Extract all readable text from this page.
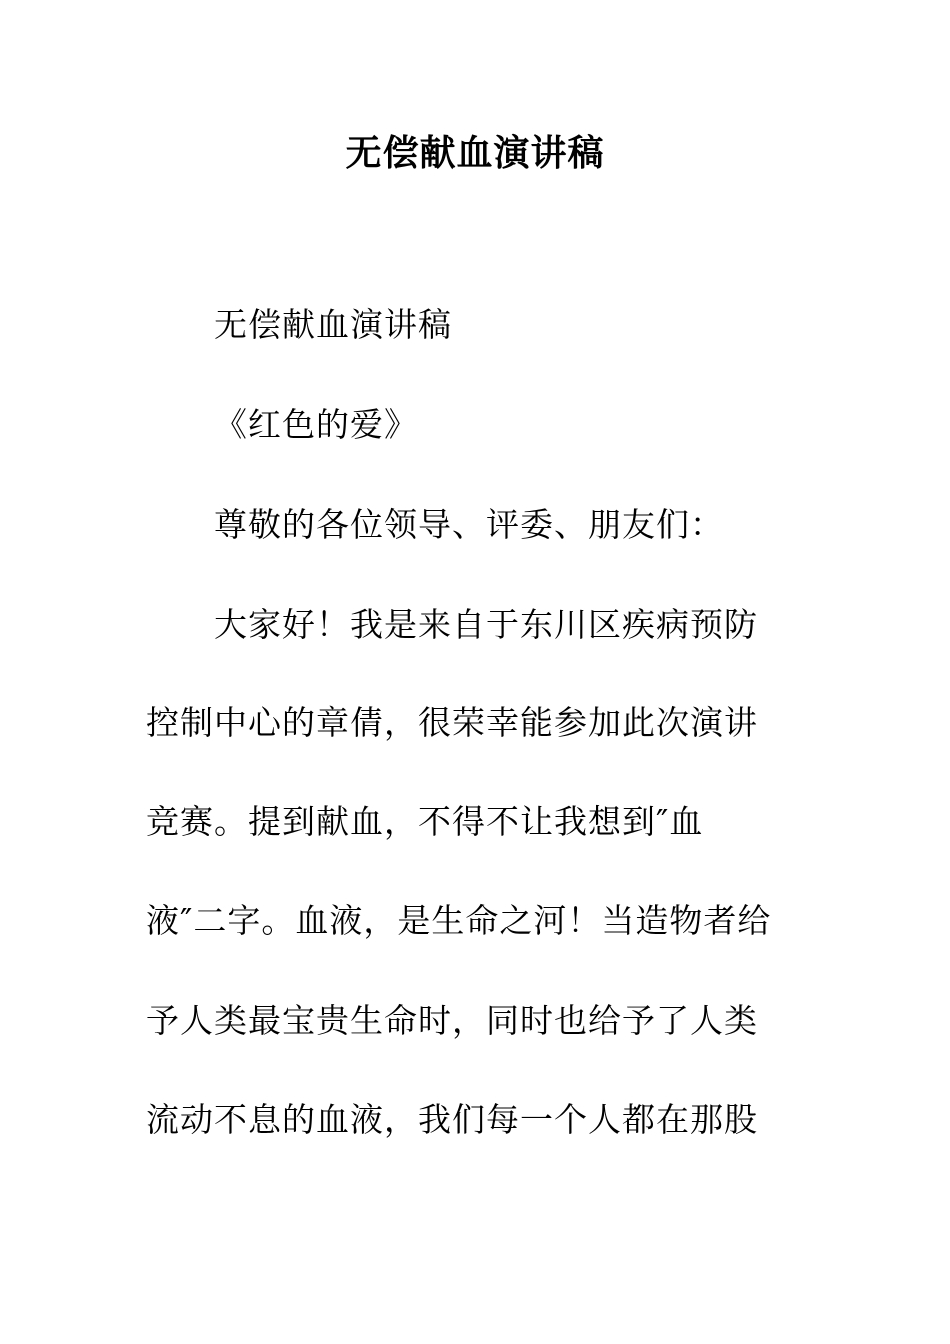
无偿献血演讲稿
无偿献血演讲稿
《红色的爱》
尊敬的各位领导、评委、朋友们：
大家好！我是来自于东川区疾病预防
控制中心的章倩，很荣幸能参加此次演讲
竞赛。提到献血，不得不让我想到″血
液″二字。血液，是生命之河！当造物者给
予人类最宝贵生命时，同时也给予了人类
流动不息的血液，我们每一个人都在那股
